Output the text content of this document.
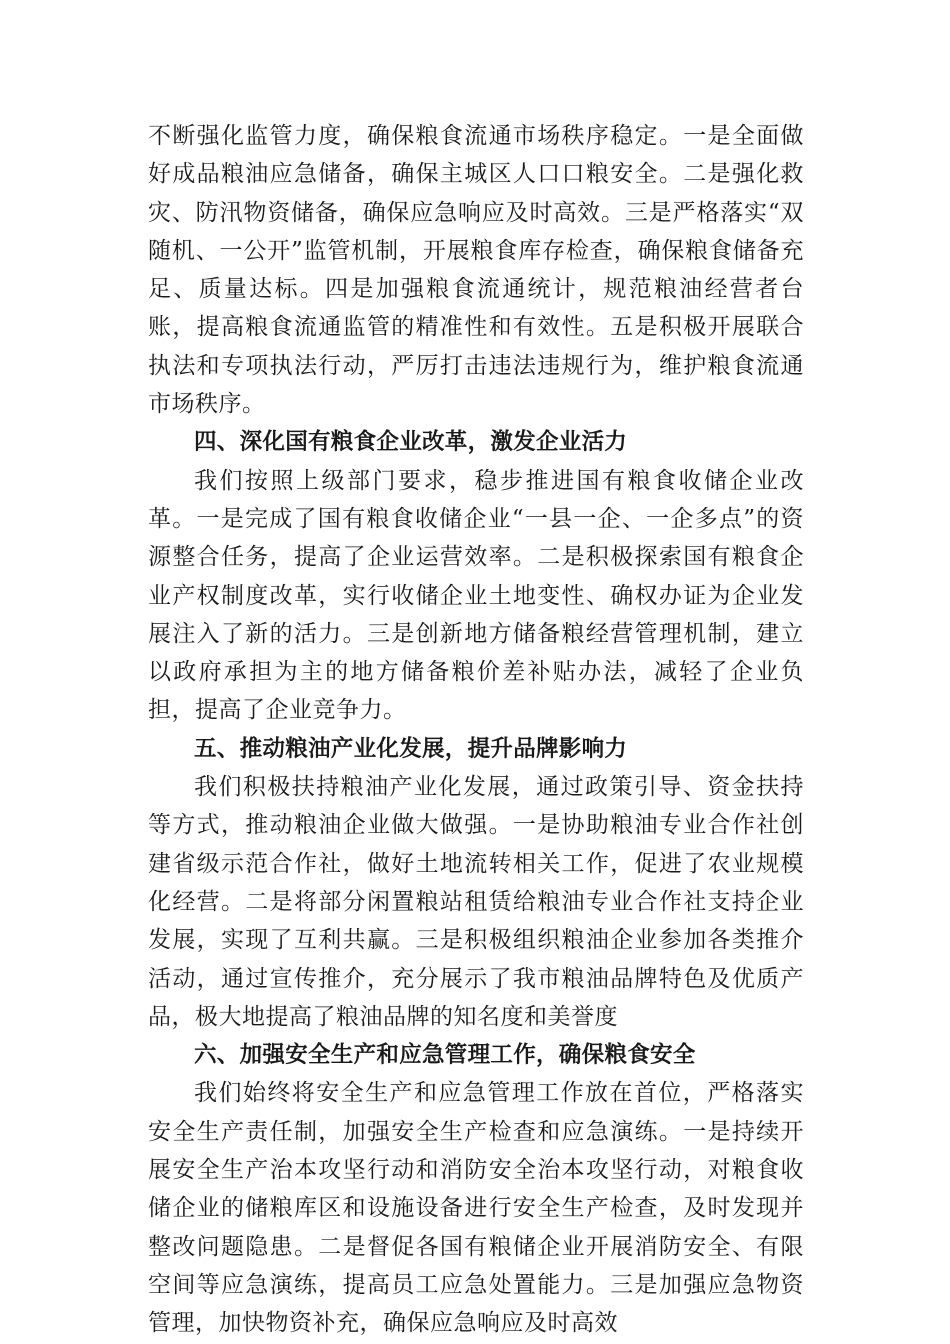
不断强化监管力度，确保粮食流通市场秩序稳定。一是全面做好成品粮油应急储备，确保主城区人口口粮安全。二是强化救灾、防汛物资储备，确保应急响应及时高效。三是严格落实“双随机、一公开”监管机制，开展粮食库存检查，确保粮食储备充足、质量达标。四是加强粮食流通统计，规范粮油经营者台账，提高粮食流通监管的精准性和有效性。五是积极开展联合执法和专项执法行动，严厉打击违法违规行为，维护粮食流通市场秩序。

四、深化国有粮食企业改革，激发企业活力

我们按照上级部门要求，稳步推进国有粮食收储企业改革。一是完成了国有粮食收储企业“一县一企、一企多点”的资源整合任务，提高了企业运营效率。二是积极探索国有粮食企业产权制度改革，实行收储企业土地变性、确权办证为企业发展注入了新的活力。三是创新地方储备粮经营管理机制，建立以政府承担为主的地方储备粮价差补贴办法，减轻了企业负担，提高了企业竞争力。

五、推动粮油产业化发展，提升品牌影响力

我们积极扶持粮油产业化发展，通过政策引导、资金扶持等方式，推动粮油企业做大做强。一是协助粮油专业合作社创建省级示范合作社，做好土地流转相关工作，促进了农业规模化经营。二是将部分闲置粮站租赁给粮油专业合作社支持企业发展，实现了互利共赢。三是积极组织粮油企业参加各类推介活动，通过宣传推介，充分展示了我市粮油品牌特色及优质产品，极大地提高了粮油品牌的知名度和美誉度

六、加强安全生产和应急管理工作，确保粮食安全

我们始终将安全生产和应急管理工作放在首位，严格落实安全生产责任制，加强安全生产检查和应急演练。一是持续开展安全生产治本攻坚行动和消防安全治本攻坚行动，对粮食收储企业的储粮库区和设施设备进行安全生产检查，及时发现并整改问题隐患。二是督促各国有粮储企业开展消防安全、有限空间等应急演练，提高员工应急处置能力。三是加强应急物资管理，加快物资补充，确保应急响应及时高效
